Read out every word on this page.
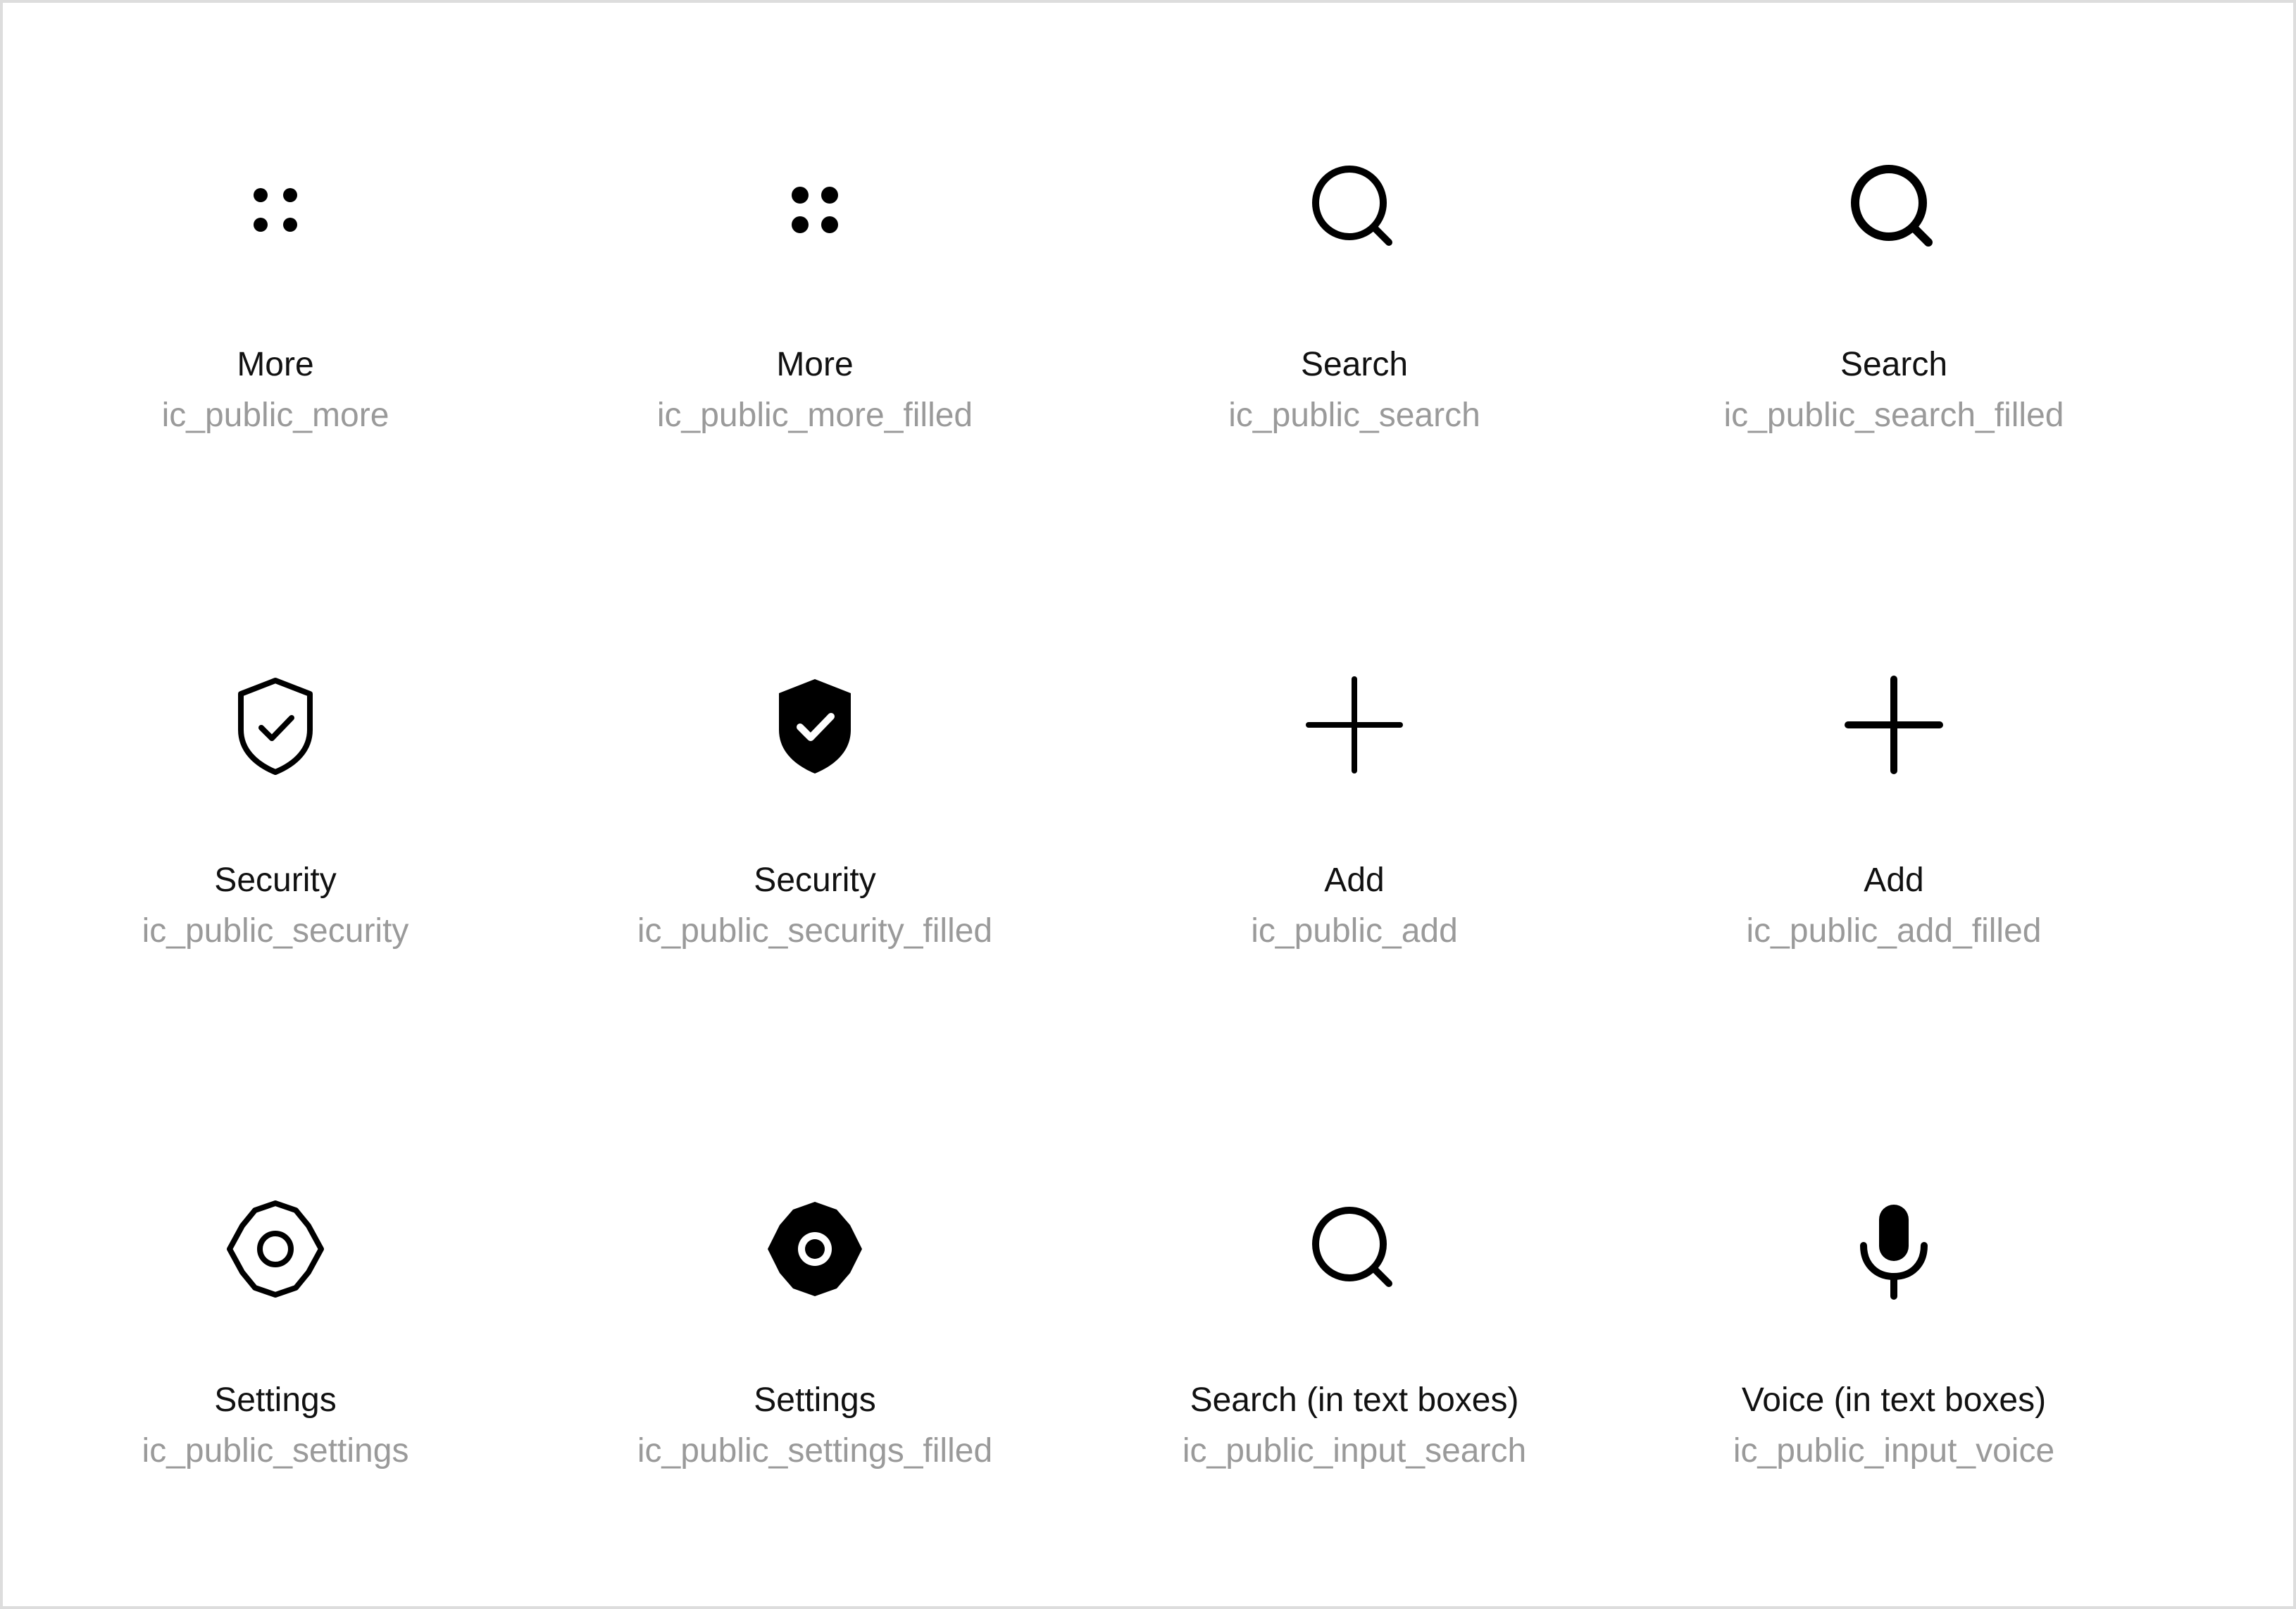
More
ic_public_more
More
ic_public_more_filled
Search
ic_public_search
Search
ic_public_search_filled
Security
ic_public_security
Security
ic_public_security_filled
Add
ic_public_add
Add
ic_public_add_filled
Settings
ic_public_settings
Settings
ic_public_settings_filled
Search (in text boxes)
ic_public_input_search
Voice (in text boxes)
ic_public_input_voice
